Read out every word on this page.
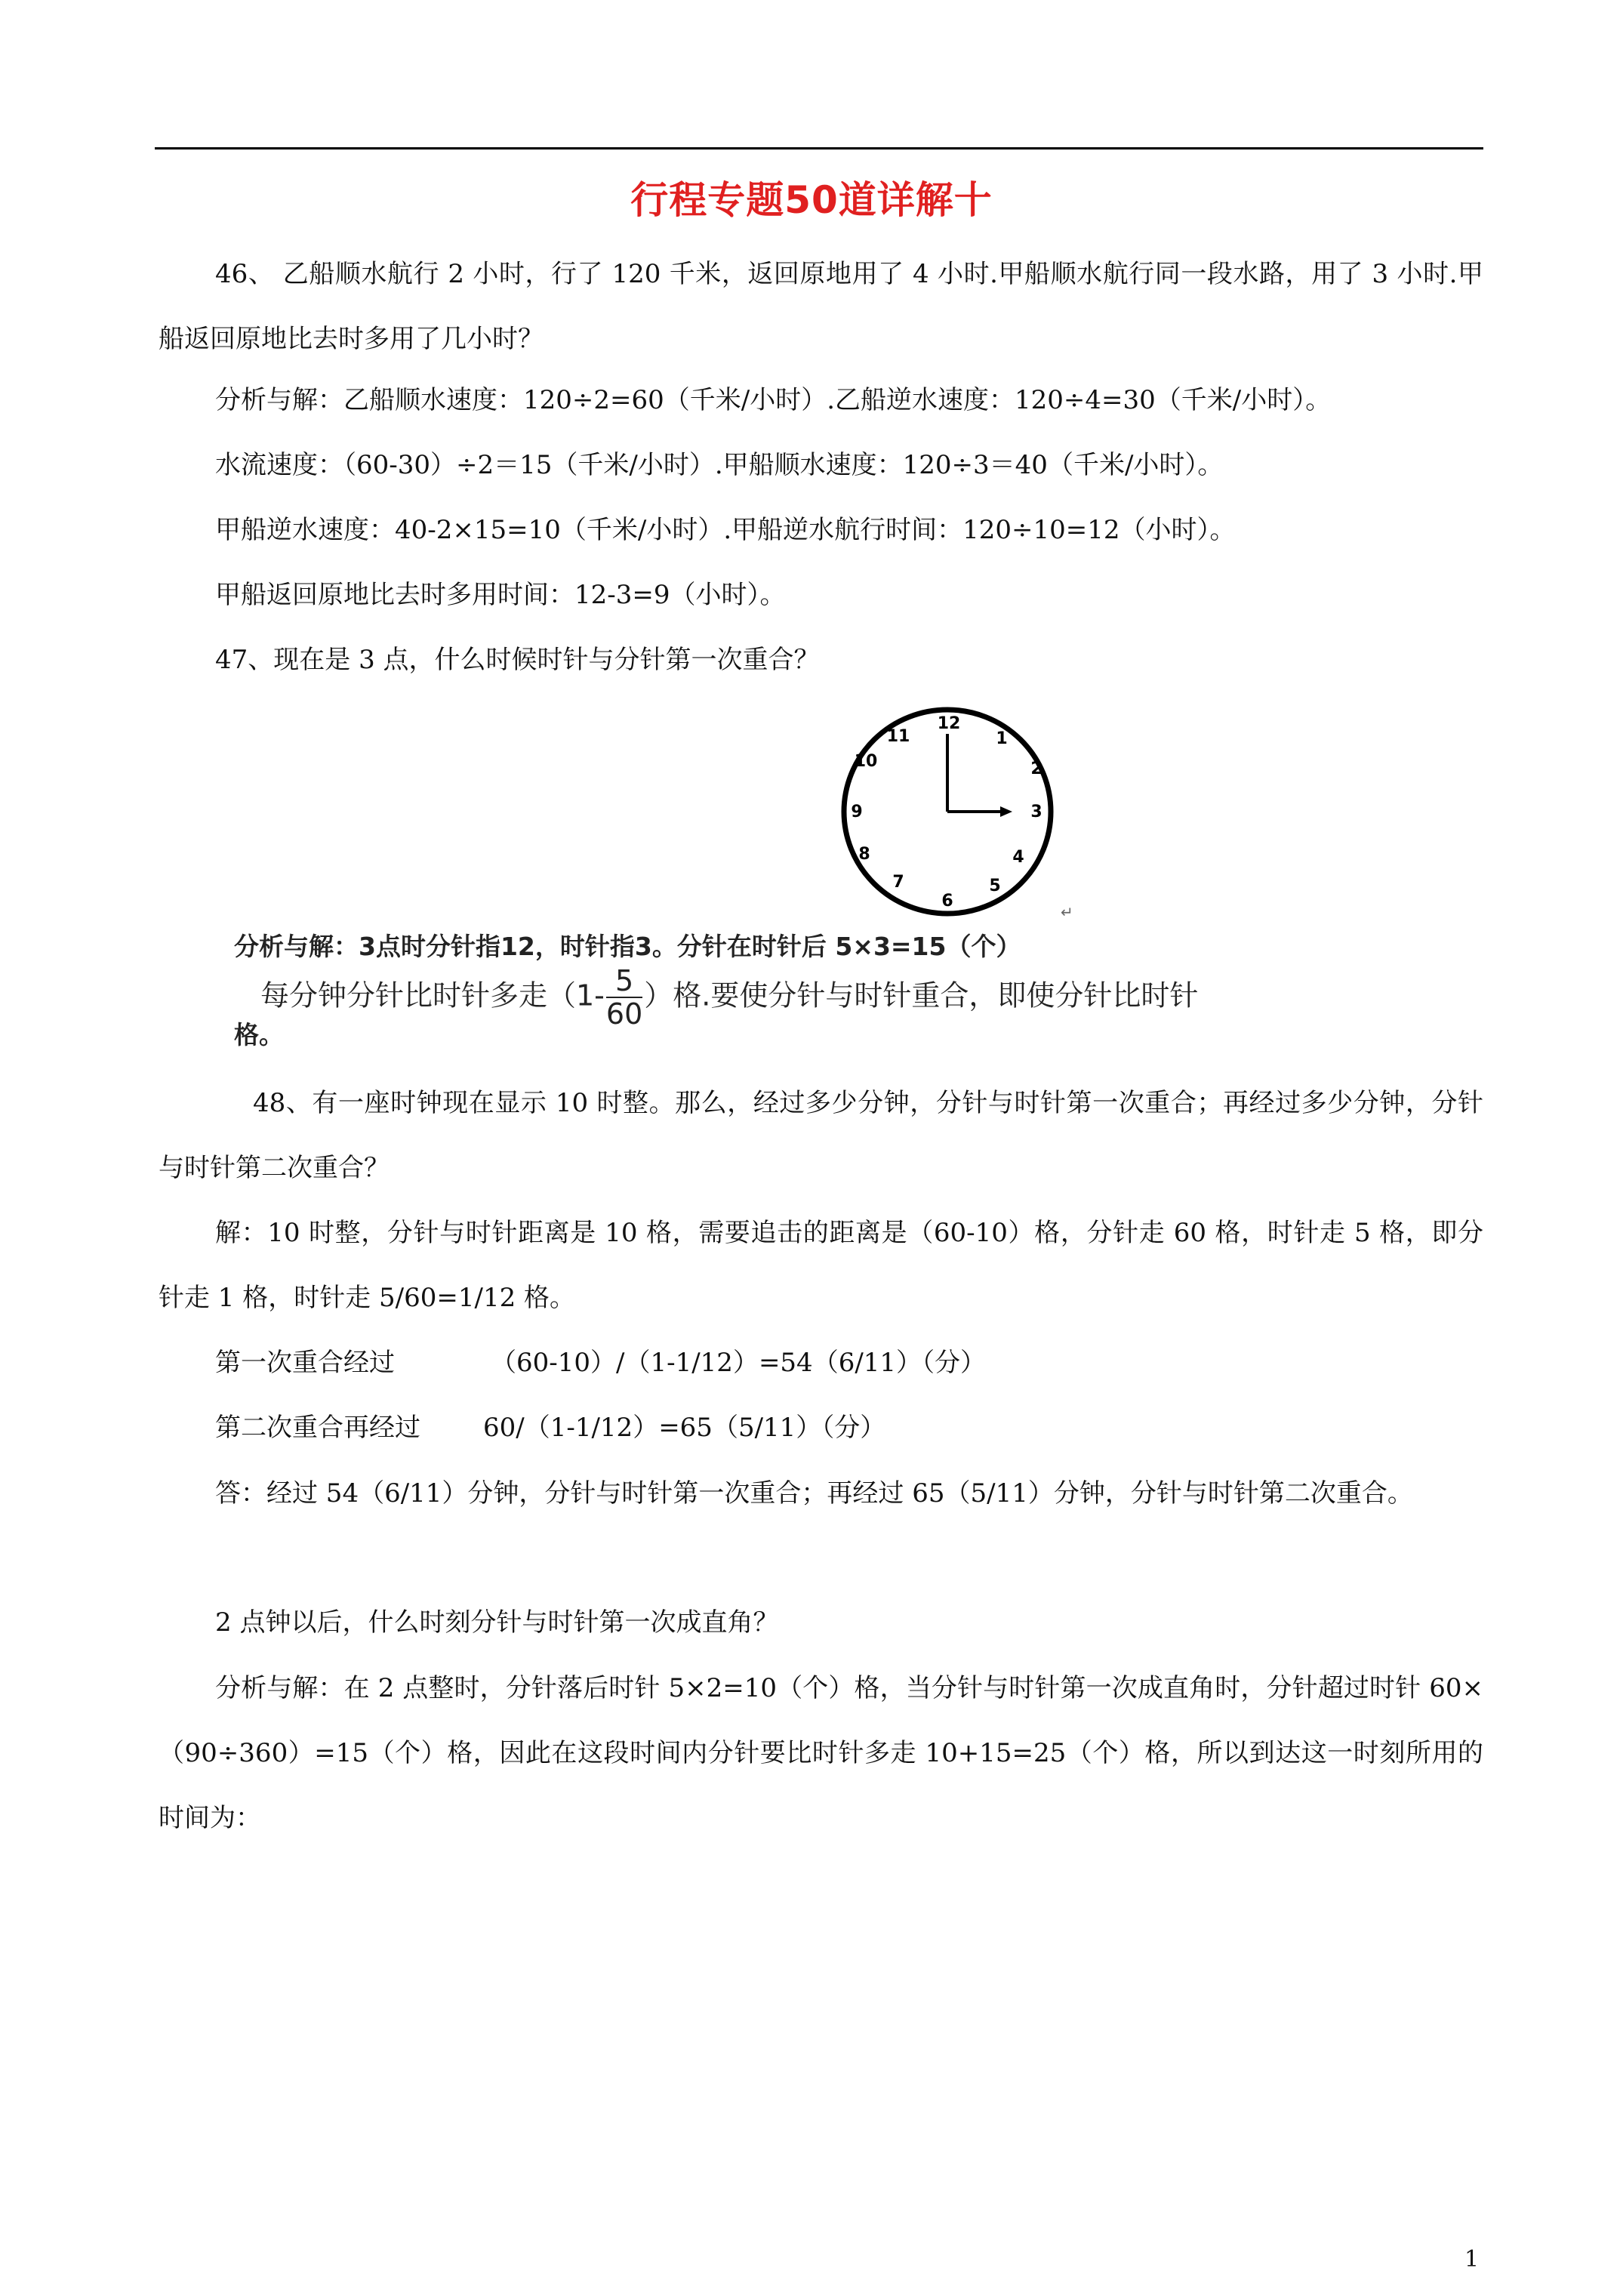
行程专题50道详解十
46、 乙船顺水航行 2 小时，行了 120 千米，返回原地用了 4 小时.甲船顺水航行同一段水路，用了 3 小时.甲船返回原地比去时多用了几小时？
分析与解：乙船顺水速度：120÷2=60（千米/小时）.乙船逆水速度：120÷4=30（千米/小时）。
水流速度：（60-30）÷2＝15（千米/小时）.甲船顺水速度：120÷3＝40（千米/小时）。
甲船逆水速度：40-2×15=10（千米/小时）.甲船逆水航行时间：120÷10=12（小时）。
甲船返回原地比去时多用时间：12-3=9（小时）。
47、现在是 3 点，什么时候时针与分针第一次重合？
12
1
2
3
4
5
6
7
8
9
10
11
↵
分析与解：3点时分针指12，时针指3。分针在时针后 5×3=15（个）
每分钟分针比时针多走（$1- \frac{5}{60}$ ）格.要使分针与时针重合，即使分针比时针
格。
48、有一座时钟现在显示 10 时整。那么，经过多少分钟，分针与时针第一次重合；再经过多少分钟，分针与时针第二次重合？
解：10 时整，分针与时针距离是 10 格，需要追击的距离是（60-10）格，分针走 60 格，时针走 5 格，即分针走 1 格，时针走 5/60=1/12 格。
第一次重合经过	（60-10）/（1-1/12）=54（6/11）（分）
第二次重合再经过 60/（1-1/12）=65（5/11）（分）
答：经过 54（6/11）分钟，分针与时针第一次重合；再经过 65（5/11）分钟，分针与时针第二次重合。
2 点钟以后，什么时刻分针与时针第一次成直角？
分析与解：在 2 点整时，分针落后时针 5×2=10（个）格，当分针与时针第一次成直角时，分针超过时针 60×（90÷360）=15（个）格，因此在这段时间内分针要比时针多走 10+15=25（个）格，所以到达这一时刻所用的时间为：
1
